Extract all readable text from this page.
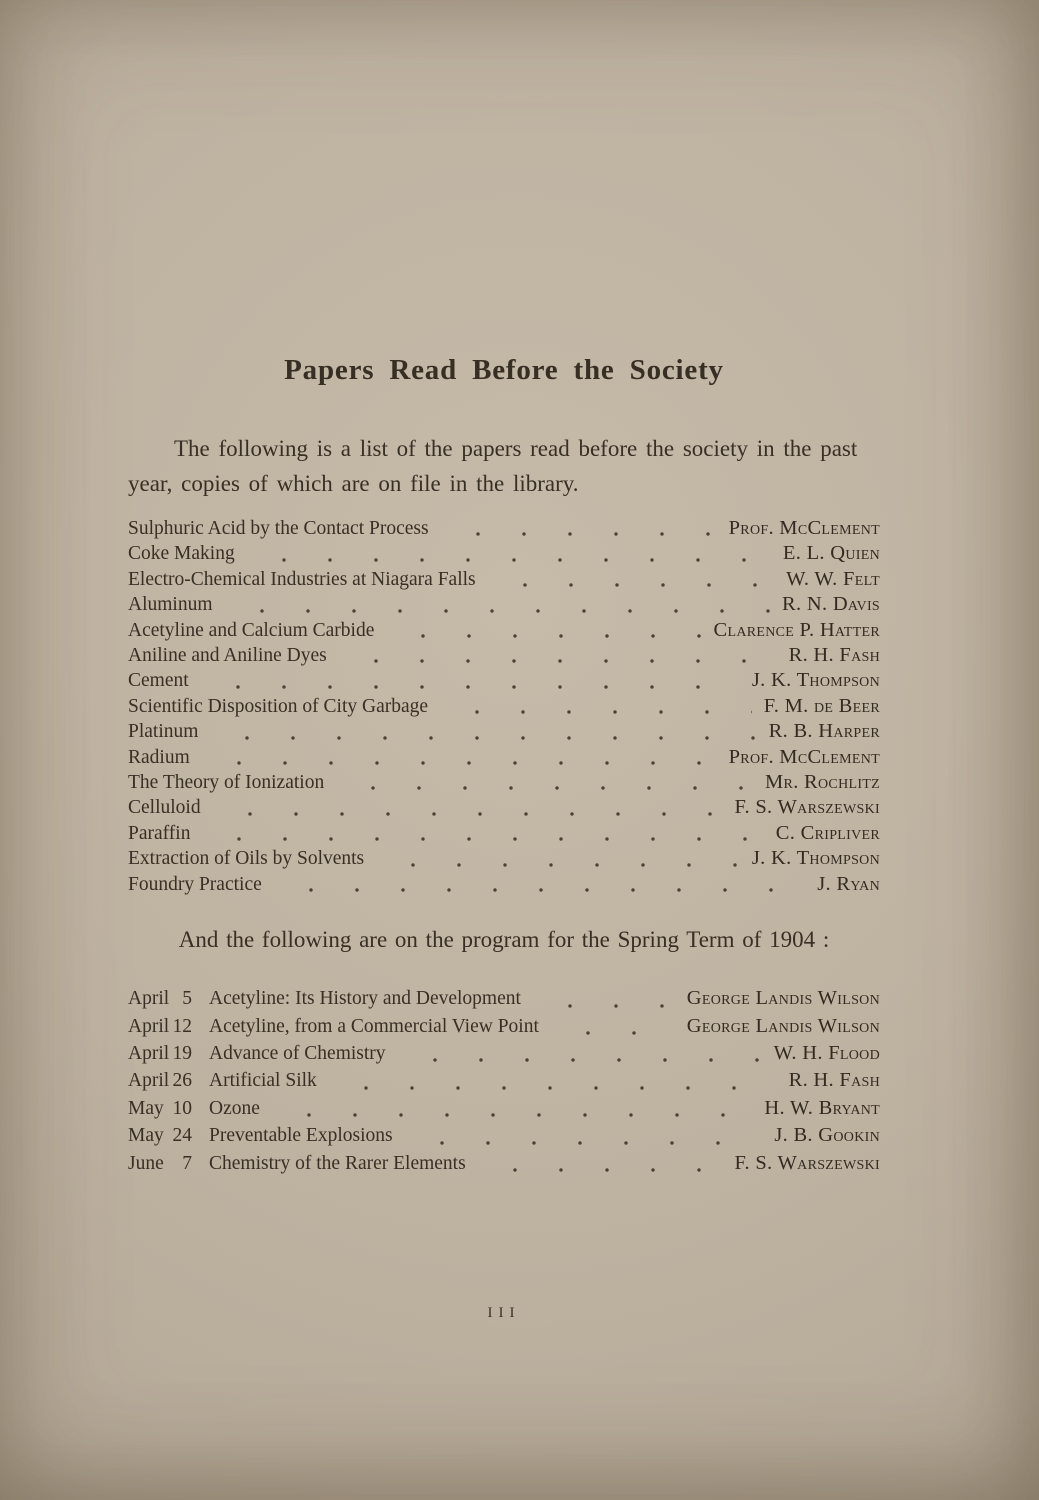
Papers Read Before the Society

The following is a list of the papers read before the society in the past year, copies of which are on file in the library.

Sulphuric Acid by the Contact Process	Prof. McClement
Coke Making	E. L. Quien
Electro-Chemical Industries at Niagara Falls	W. W. Felt
Aluminum	R. N. Davis
Acetyline and Calcium Carbide	Clarence P. Hatter
Aniline and Aniline Dyes	R. H. Fash
Cement	J. K. Thompson
Scientific Disposition of City Garbage	F. M. de Beer
Platinum	R. B. Harper
Radium	Prof. McClement
The Theory of Ionization	Mr. Rochlitz
Celluloid	F. S. Warszewski
Paraffin	C. Cripliver
Extraction of Oils by Solvents	J. K. Thompson
Foundry Practice	J. Ryan
And the following are on the program for the Spring Term of 1904 :
April 5 Acetyline: Its History and Development	George Landis Wilson
April 12 Acetyline, from a Commercial View Point	George Landis Wilson
April 19 Advance of Chemistry	W. H. Flood
April 26 Artificial Silk	R. H. Fash
May 10 Ozone	H. W. Bryant
May 24 Preventable Explosions	J. B. Gookin
June 7 Chemistry of the Rarer Elements	F. S. Warszewski
III
